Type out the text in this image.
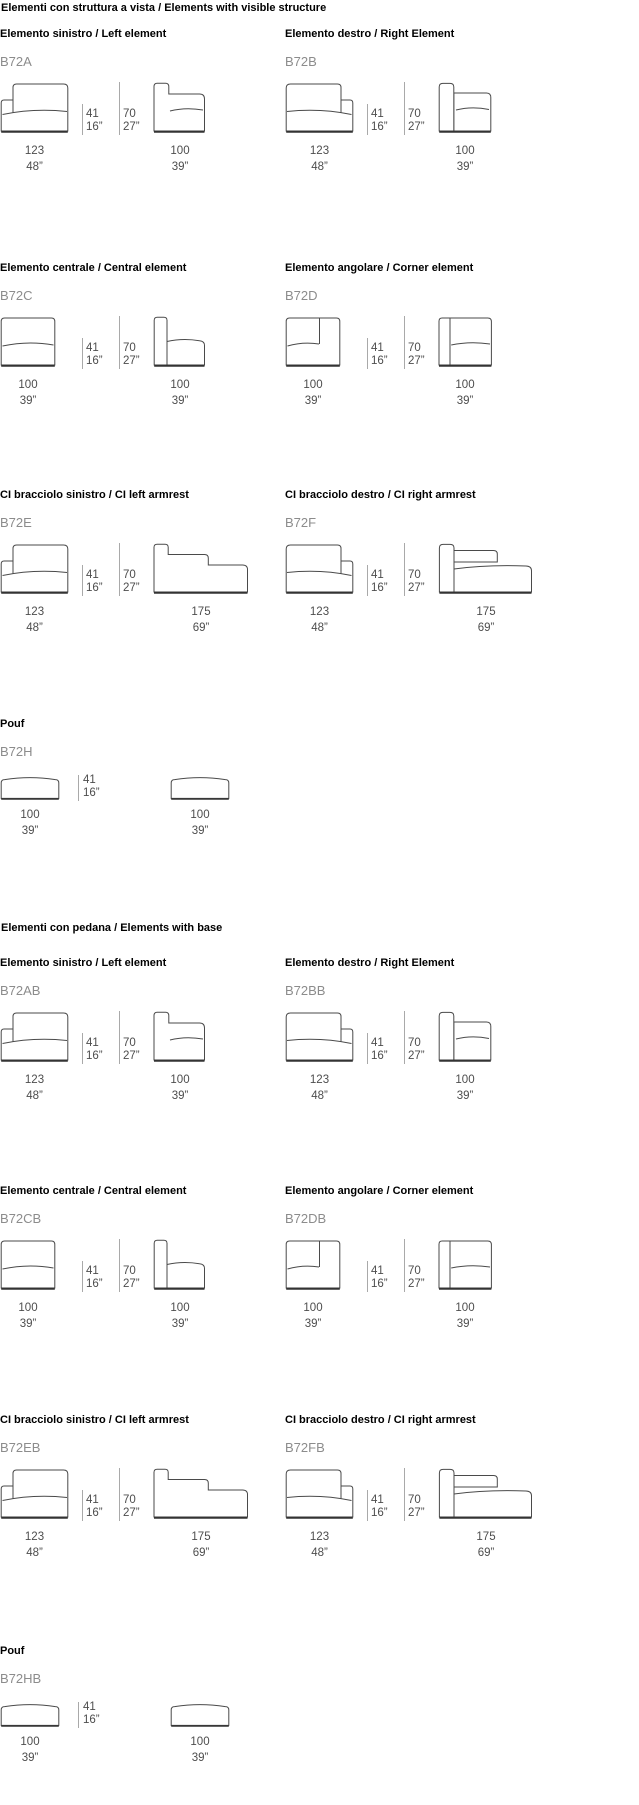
Elementi con struttura a vista / Elements with visible structure
Elemento sinistro / Left element
B72A
41
16”
70
27”
123
48”
100
39”
Elemento destro / Right Element
B72B
41
16”
70
27”
123
48”
100
39”
Elemento centrale / Central element
B72C
41
16”
70
27”
100
39”
100
39”
Elemento angolare / Corner element
B72D
41
16”
70
27”
100
39”
100
39”
CI bracciolo sinistro / CI left armrest
B72E
41
16”
70
27”
123
48”
175
69”
CI bracciolo destro / CI right armrest
B72F
41
16”
70
27”
123
48”
175
69”
Pouf
B72H
41
16”
100
39”
100
39”
Elementi con pedana / Elements with base
Elemento sinistro / Left element
B72AB
41
16”
70
27”
123
48”
100
39”
Elemento destro / Right Element
B72BB
41
16”
70
27”
123
48”
100
39”
Elemento centrale / Central element
B72CB
41
16”
70
27”
100
39”
100
39”
Elemento angolare / Corner element
B72DB
41
16”
70
27”
100
39”
100
39”
CI bracciolo sinistro / CI left armrest
B72EB
41
16”
70
27”
123
48”
175
69”
CI bracciolo destro / CI right armrest
B72FB
41
16”
70
27”
123
48”
175
69”
Pouf
B72HB
41
16”
100
39”
100
39”
